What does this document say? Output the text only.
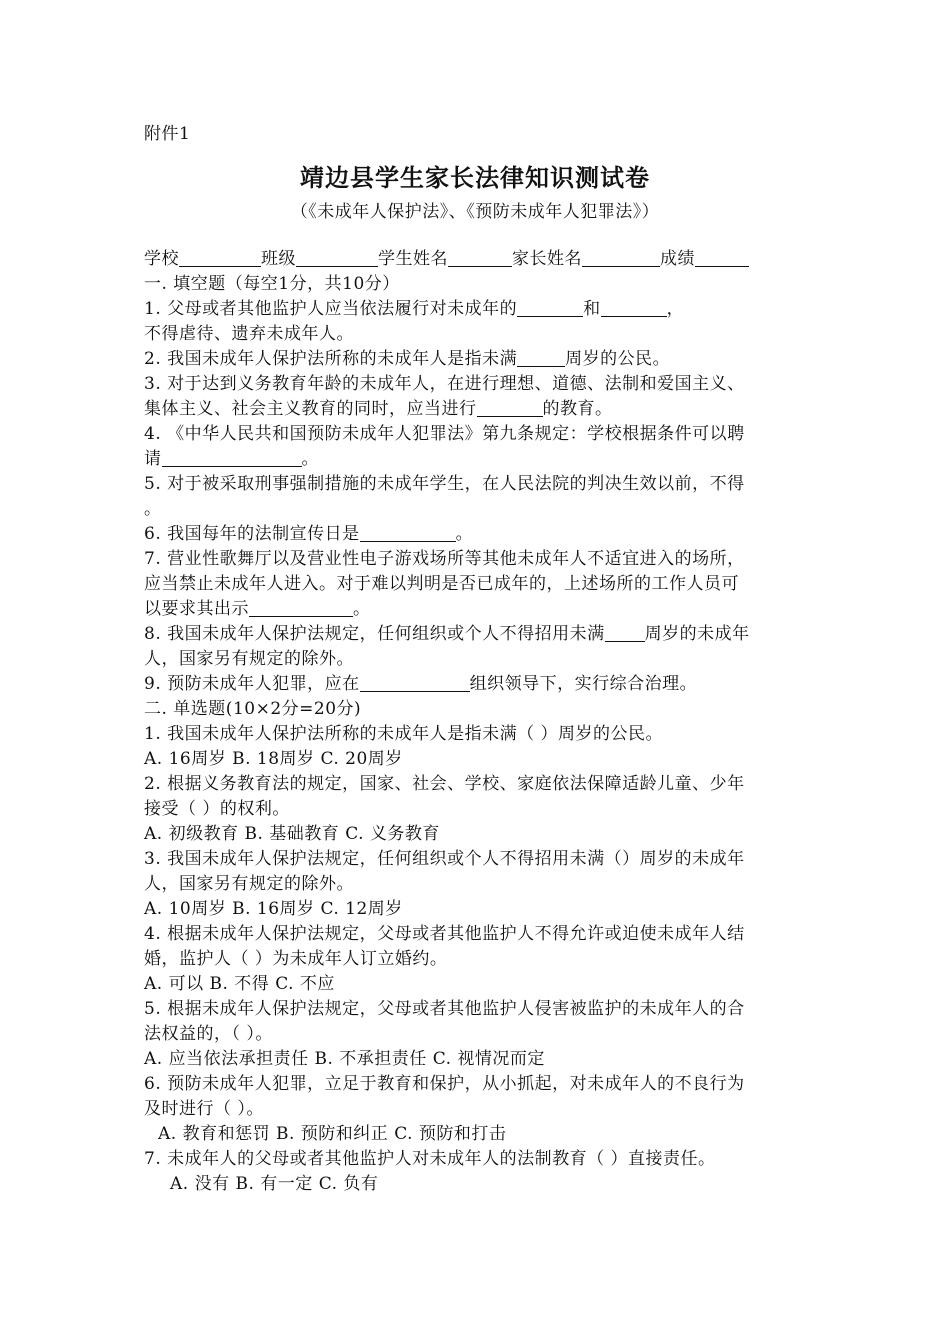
附件1
靖边县学生家长法律知识测试卷
（《未成年人保护法》、《预防未成年人犯罪法》）
学校	班级	学生姓名	家长姓名	成绩
一. 填空题（每空1分，共10分）
1. 父母或者其他监护人应当依法履行对未成年的	和	，
不得虐待、遗弃未成年人。
2. 我国未成年人保护法所称的未成年人是指未满	周岁的公民。
3. 对于达到义务教育年龄的未成年人，在进行理想、道德、法制和爱国主义、
集体主义、社会主义教育的同时，应当进行	的教育。
4. 《中华人民共和国预防未成年人犯罪法》第九条规定：学校根据条件可以聘
请	。
5. 对于被采取刑事强制措施的未成年学生，在人民法院的判决生效以前，不得
。
6. 我国每年的法制宣传日是	。
7. 营业性歌舞厅以及营业性电子游戏场所等其他未成年人不适宜进入的场所，
应当禁止未成年人进入。对于难以判明是否已成年的，上述场所的工作人员可
以要求其出示	。
8. 我国未成年人保护法规定，任何组织或个人不得招用未满 周岁的未成年
人，国家另有规定的除外。
9. 预防未成年人犯罪，应在	组织领导下，实行综合治理。
二. 单选题(10×2分=20分)
1. 我国未成年人保护法所称的未成年人是指未满（ ）周岁的公民。
A. 16周岁 B. 18周岁 C. 20周岁
2. 根据义务教育法的规定，国家、社会、学校、家庭依法保障适龄儿童、少年
接受（ ）的权利。
A. 初级教育 B. 基础教育 C. 义务教育
3. 我国未成年人保护法规定，任何组织或个人不得招用未满（）周岁的未成年
人，国家另有规定的除外。
A. 10周岁 B. 16周岁 C. 12周岁
4. 根据未成年人保护法规定，父母或者其他监护人不得允许或迫使未成年人结
婚，监护人（ ）为未成年人订立婚约。
A. 可以 B. 不得 C. 不应
5. 根据未成年人保护法规定，父母或者其他监护人侵害被监护的未成年人的合
法权益的，（ ）。
A. 应当依法承担责任 B. 不承担责任 C. 视情况而定
6. 预防未成年人犯罪，立足于教育和保护，从小抓起，对未成年人的不良行为
及时进行（ ）。
A. 教育和惩罚 B. 预防和纠正 C. 预防和打击
7. 未成年人的父母或者其他监护人对未成年人的法制教育（ ）直接责任。
A. 没有 B. 有一定 C. 负有
